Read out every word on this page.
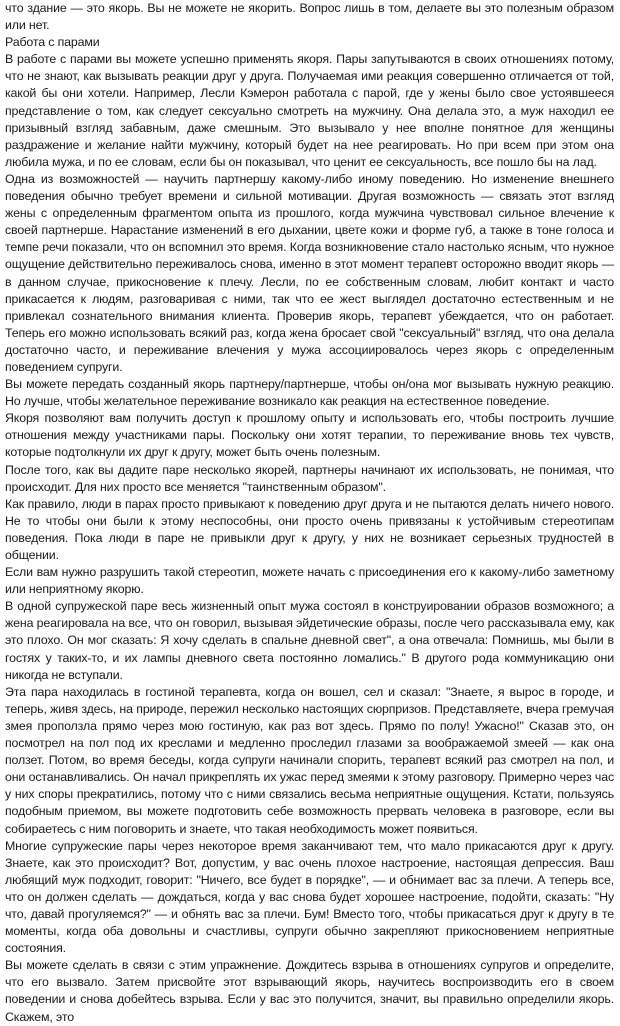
что здание — это якорь. Вы не можете не якорить. Вопрос лишь в том, делаете вы это полезным образом или нет.

Работа с парами

В работе с парами вы можете успешно применять якоря. Пары запутываются в своих отношениях потому, что не знают, как вызывать реакции друг у друга. Получаемая ими реакция совершенно отличается от той, какой бы они хотели. Например, Лесли Кэмерон работала с парой, где у жены было свое устоявшееся представление о том, как следует сексуально смотреть на мужчину. Она делала это, а муж находил ее призывный взгляд забавным, даже смешным. Это вызывало у нее вполне понятное для женщины раздражение и желание найти мужчину, который будет на нее реагировать. Но при всем при этом она любила мужа, и по ее словам, если бы он показывал, что ценит ее сексуальность, все пошло бы на лад.

Одна из возможностей — научить партнершу какому-либо иному поведению. Но изменение внешнего поведения обычно требует времени и сильной мотивации. Другая возможность — связать этот взгляд жены с определенным фрагментом опыта из прошлого, когда мужчина чувствовал сильное влечение к своей партнерше. Нарастание изменений в его дыхании, цвете кожи и форме губ, а также в тоне голоса и темпе речи показали, что он вспомнил это время. Когда возникновение стало настолько ясным, что нужное ощущение действительно переживалось снова, именно в этот момент терапевт осторожно вводит якорь — в данном случае, прикосновение к плечу. Лесли, по ее собственным словам, любит контакт и часто прикасается к людям, разговаривая с ними, так что ее жест выглядел достаточно естественным и не привлекал сознательного внимания клиента. Проверив якорь, терапевт убеждается, что он работает. Теперь его можно использовать всякий раз, когда жена бросает свой "сексуальный" взгляд, что она делала достаточно часто, и переживание влечения у мужа ассоциировалось через якорь с определенным поведением супруги.

Вы можете передать созданный якорь партнеру/партнерше, чтобы он/она мог вызывать нужную реакцию. Но лучше, чтобы желательное переживание возникало как реакция на естественное поведение.

Якоря позволяют вам получить доступ к прошлому опыту и использовать его, чтобы построить лучшие отношения между участниками пары. Поскольку они хотят терапии, то переживание вновь тех чувств, которые подтолкнули их друг к другу, может быть очень полезным.

После того, как вы дадите паре несколько якорей, партнеры начинают их использовать, не понимая, что происходит. Для них просто все меняется "таинственным образом".

Как правило, люди в парах просто привыкают к поведению друг друга и не пытаются делать ничего нового. Не то чтобы они были к этому неспособны, они просто очень привязаны к устойчивым стереотипам поведения. Пока люди в паре не привыкли друг к другу, у них не возникает серьезных трудностей в общении.

Если вам нужно разрушить такой стереотип, можете начать с присоединения его к какому-либо заметному или неприятному якорю.

В одной супружеской паре весь жизненный опыт мужа состоял в конструировании образов возможного; а жена реагировала на все, что он говорил, вызывая эйдетические образы, после чего рассказывала ему, как это плохо. Он мог сказать: Я хочу сделать в спальне дневной свет", а она отвечала: Помнишь, мы были в гостях у таких-то, и их лампы дневного света постоянно ломались." В другого рода коммуникацию они никогда не вступали.

Эта пара находилась в гостиной терапевта, когда он вошел, сел и сказал: "Знаете, я вырос в городе, и теперь, живя здесь, на природе, пережил несколько настоящих сюрпризов. Представляете, вчера гремучая змея проползла прямо через мою гостиную, как раз вот здесь. Прямо по полу! Ужасно!" Сказав это, он посмотрел на пол под их креслами и медленно проследил глазами за воображаемой змеей — как она ползет. Потом, во время беседы, когда супруги начинали спорить, терапевт всякий раз смотрел на пол, и они останавливались. Он начал прикреплять их ужас перед змеями к этому разговору. Примерно через час у них споры прекратились, потому что с ними связались весьма неприятные ощущения. Кстати, пользуясь подобным приемом, вы можете подготовить себе возможность прервать человека в разговоре, если вы собираетесь с ним поговорить и знаете, что такая необходимость может появиться.

Многие супружеские пары через некоторое время заканчивают тем, что мало прикасаются друг к другу. Знаете, как это происходит? Вот, допустим, у вас очень плохое настроение, настоящая депрессия. Ваш любящий муж подходит, говорит: "Ничего, все будет в порядке", — и обнимает вас за плечи. А теперь все, что он должен сделать — дождаться, когда у вас снова будет хорошее настроение, подойти, сказать: "Ну что, давай прогуляемся?" — и обнять вас за плечи. Бум! Вместо того, чтобы прикасаться друг к другу в те моменты, когда оба довольны и счастливы, супруги обычно закрепляют прикосновением неприятные состояния.

Вы можете сделать в связи с этим упражнение. Дождитесь взрыва в отношениях супругов и определите, что его вызвало. Затем присвойте этот взрывающий якорь, научитесь воспроизводить его в своем поведении и снова добейтесь взрыва. Если у вас это получится, значит, вы правильно определили якорь. Скажем, это
